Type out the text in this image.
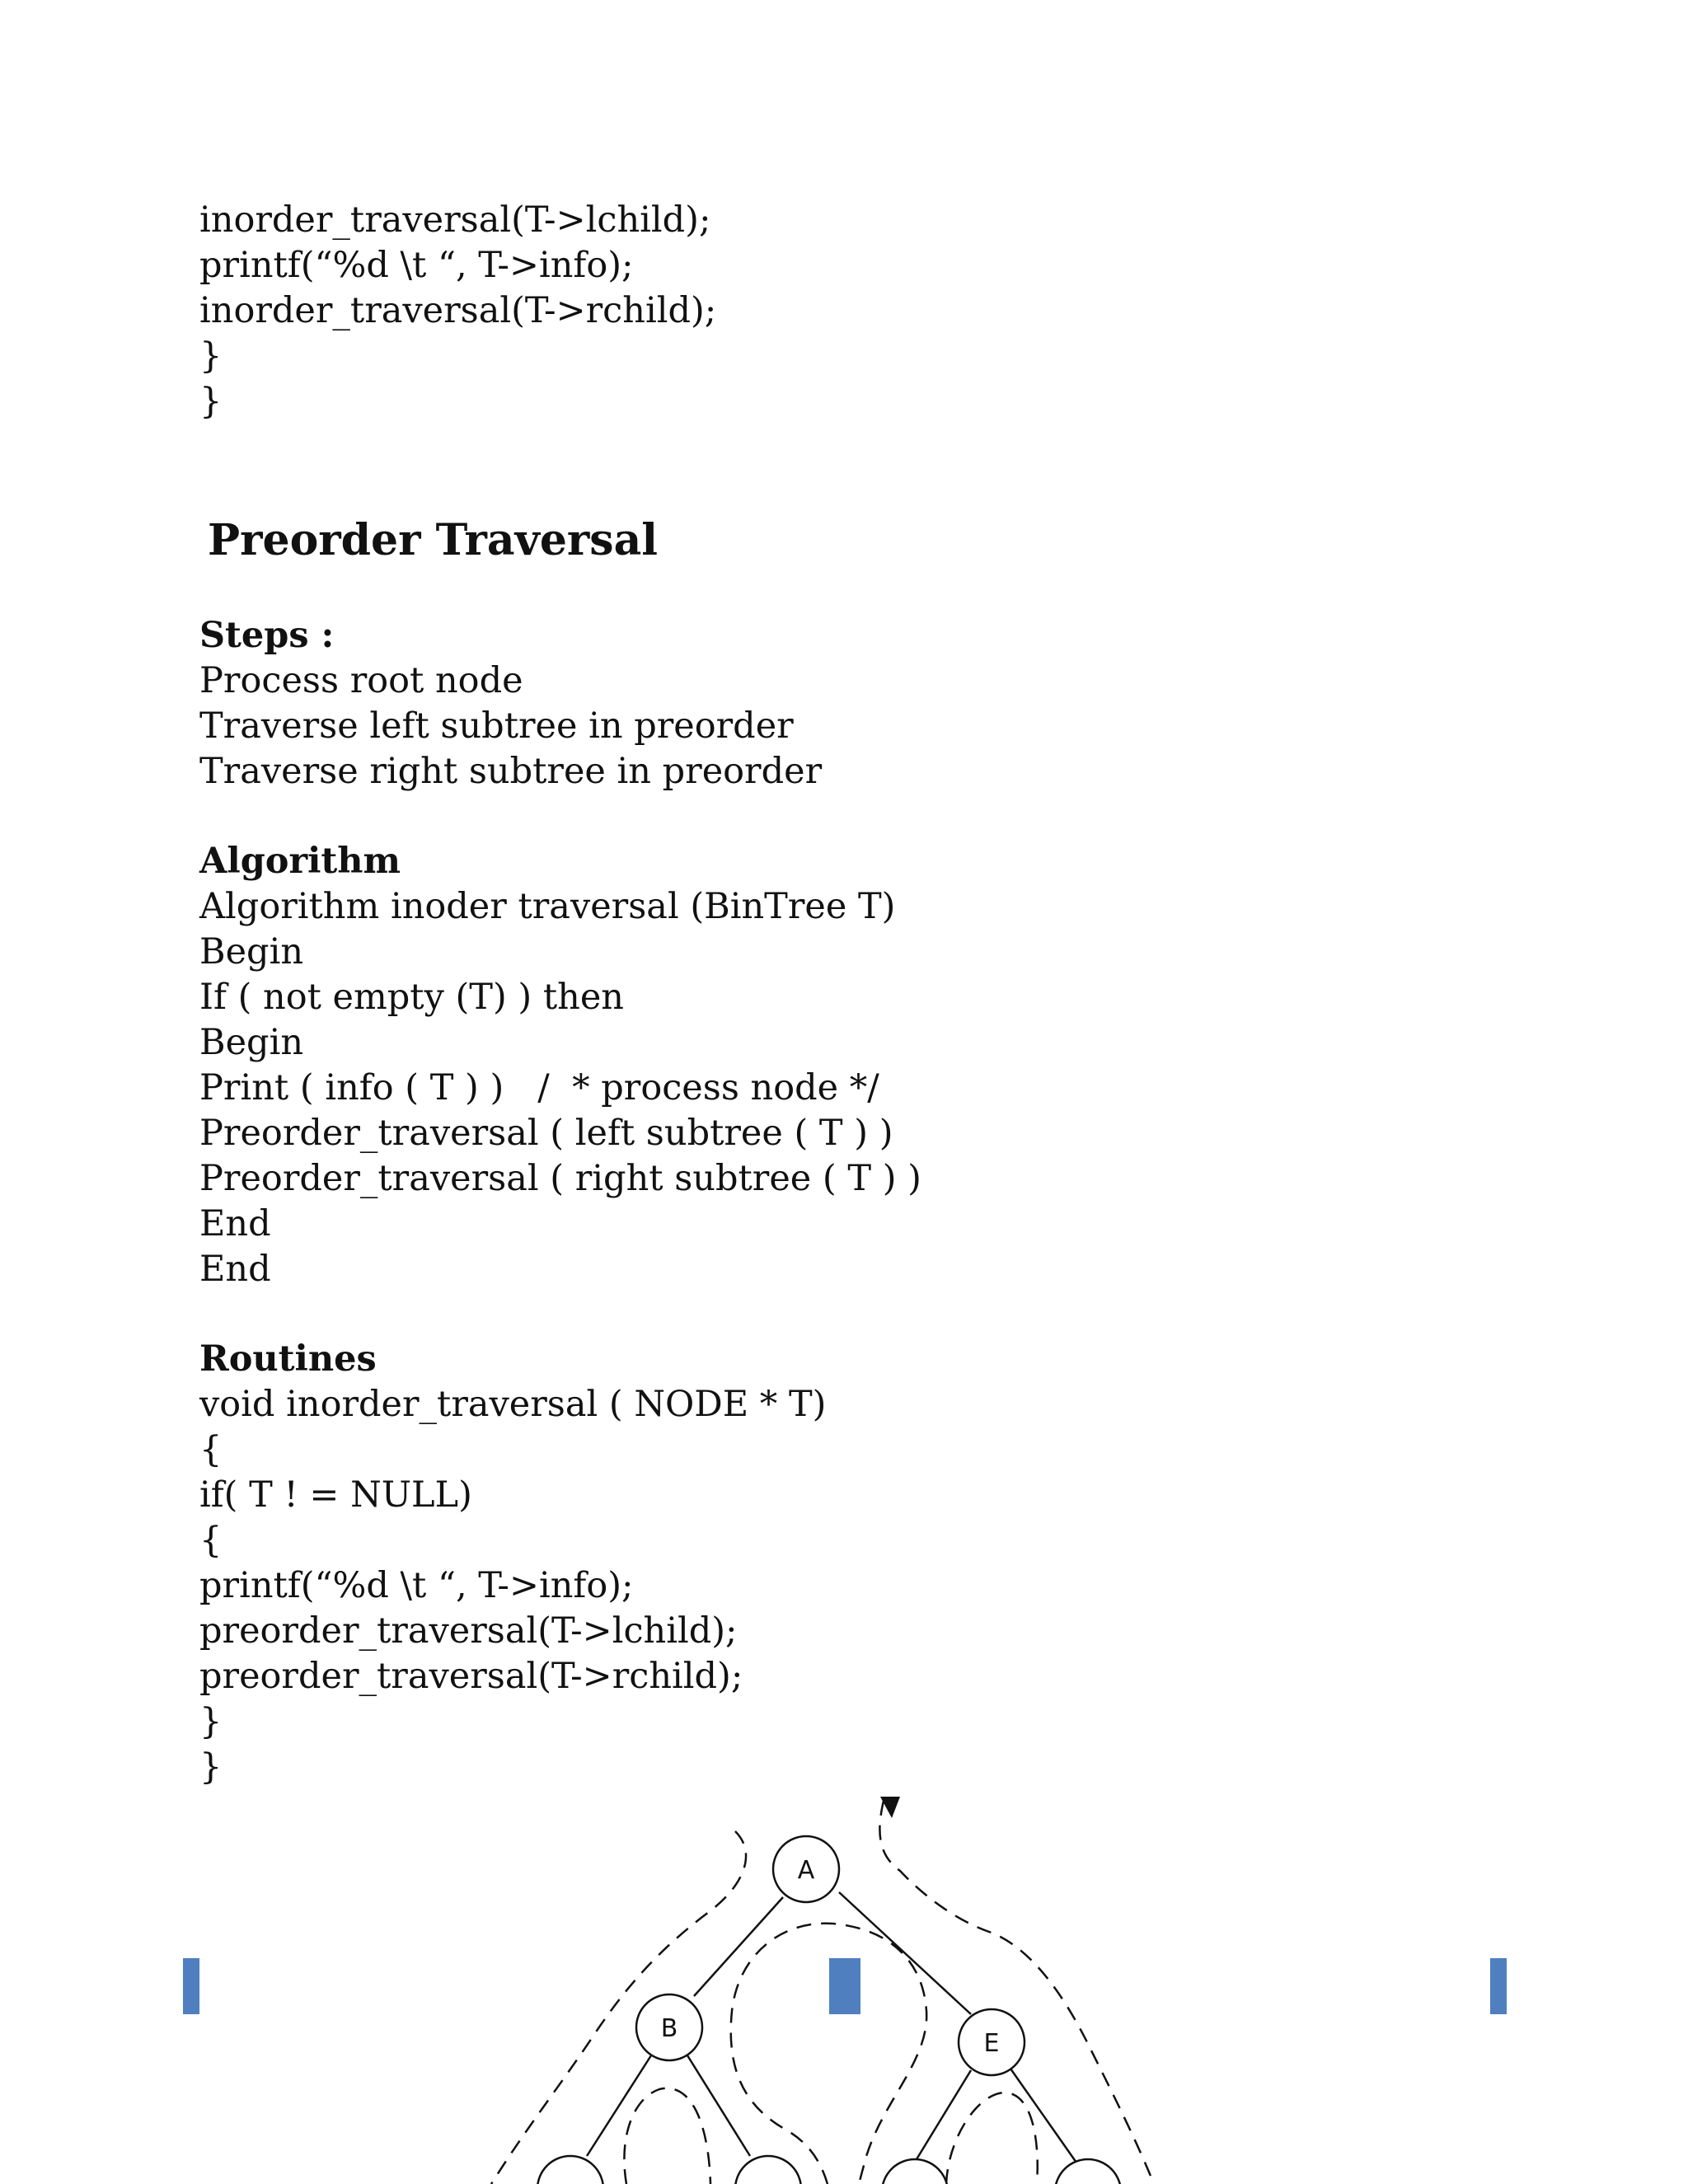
inorder_traversal(T->lchild);
printf(“%d \t “, T->info);
inorder_traversal(T->rchild);
}
}
Preorder Traversal
Steps :
Process root node
Traverse left subtree in preorder
Traverse right subtree in preorder
Algorithm
Algorithm inoder traversal (BinTree T)
Begin
If ( not empty (T) ) then
Begin
Print ( info ( T ) )   /  * process node */
Preorder_traversal ( left subtree ( T ) )
Preorder_traversal ( right subtree ( T ) )
End
End
Routines
void inorder_traversal ( NODE * T)
{
if( T ! = NULL)
{
printf(“%d \t “, T->info);
preorder_traversal(T->lchild);
preorder_traversal(T->rchild);
}
}
A
B
E
